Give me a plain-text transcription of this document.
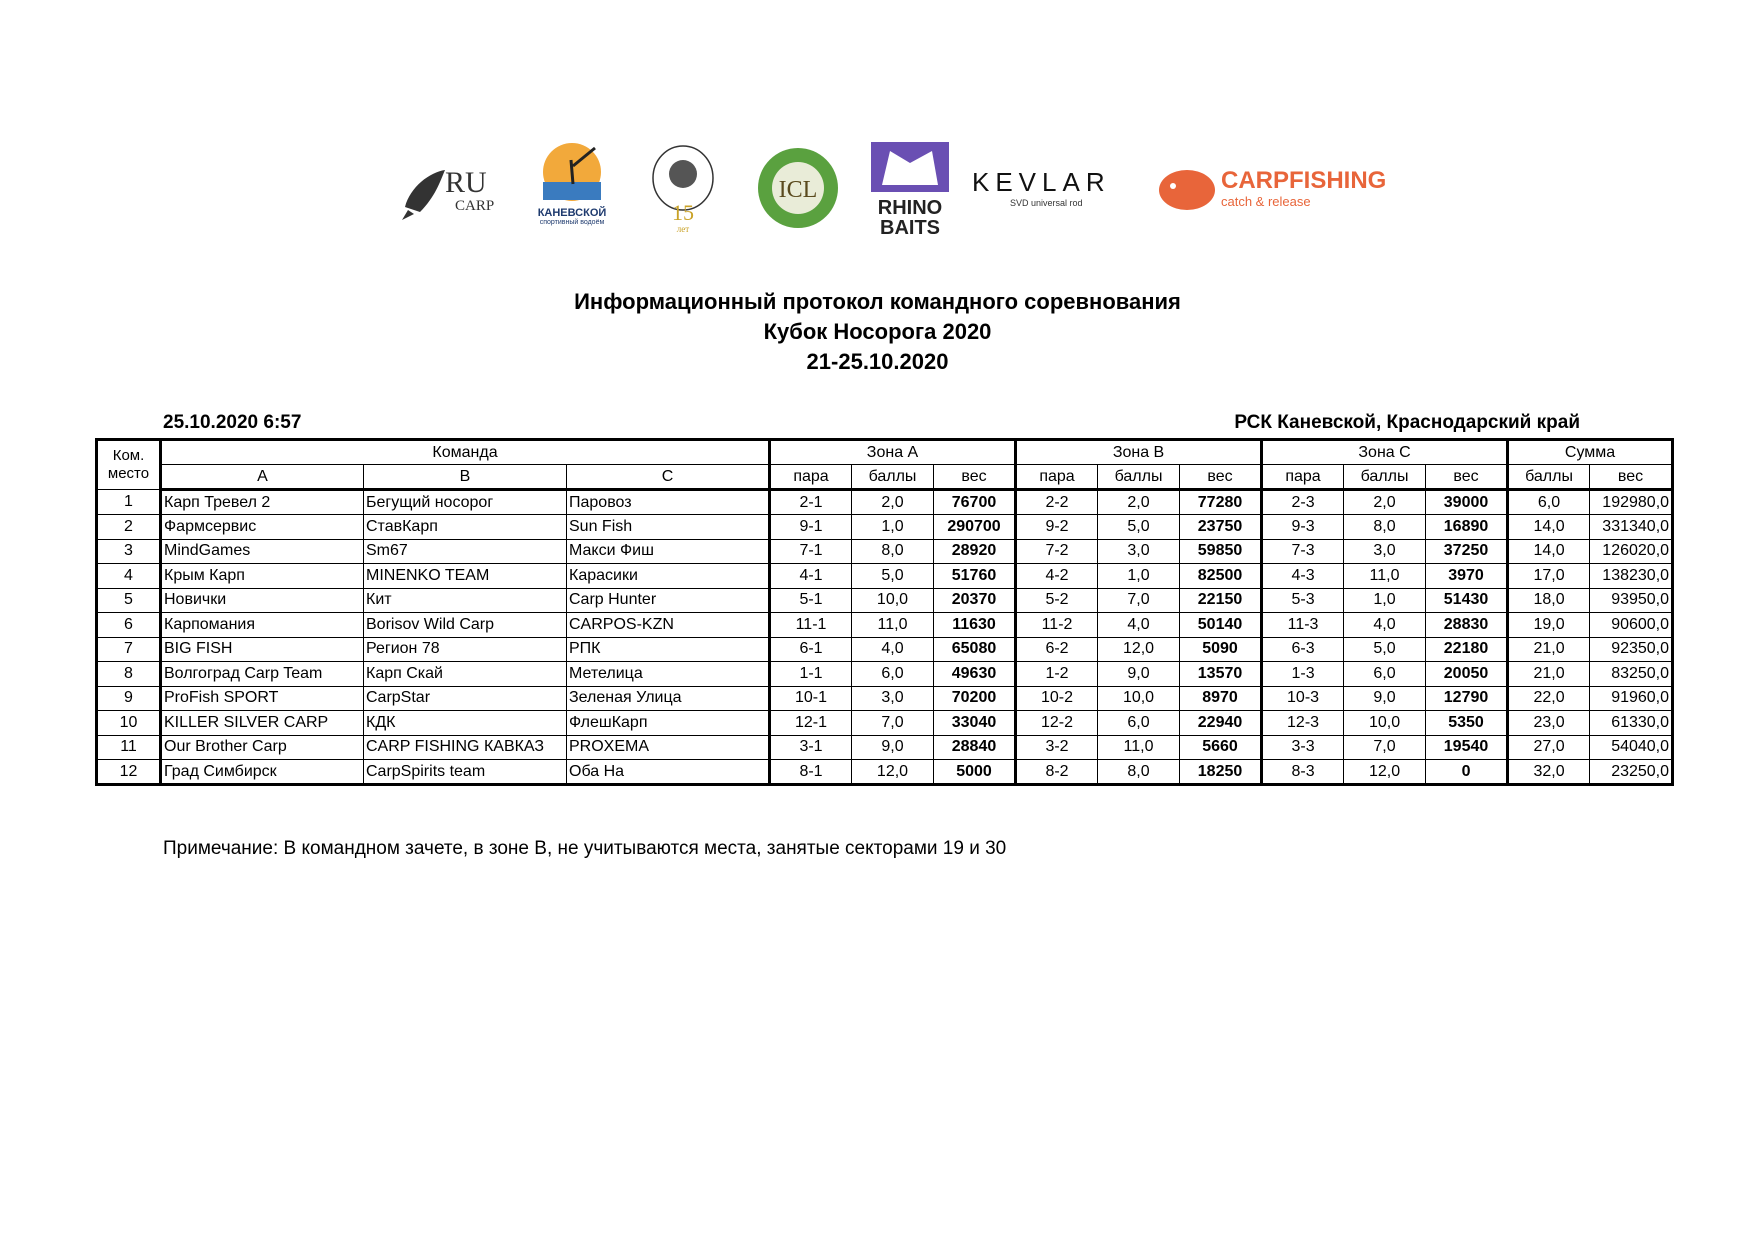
RU
CARP	КАНЕВСКОЙ
спортивный водоём	15
лет
ICL
RHINO
BAITS
KEVLAR
SVD universal rod
CARPFISHING
catch & release
Информационный протокол командного соревнования
Кубок Носорога 2020
21-25.10.2020
25.10.2020 6:57	РСК Каневской, Краснодарский край
Ком.
место	Команда			Зона А			Зона В			Зона С			Сумма	
	A	B	C	пара	баллы	вес	пара	баллы	вес	пара	баллы	вес	баллы	вес
1	Карп Тревел 2	Бегущий носорог	Паровоз	2-1	2,0	76700	2-2	2,0	77280	2-3	2,0	39000	6,0	192980,0
2	Фармсервис	СтавКарп	Sun Fish	9-1	1,0	290700	9-2	5,0	23750	9-3	8,0	16890	14,0	331340,0
3	MindGames	Sm67	Макси Фиш	7-1	8,0	28920	7-2	3,0	59850	7-3	3,0	37250	14,0	126020,0
4	Крым Карп	MINENKO TEAM	Карасики	4-1	5,0	51760	4-2	1,0	82500	4-3	11,0	3970	17,0	138230,0
5	Новички	Кит	Carp Hunter	5-1	10,0	20370	5-2	7,0	22150	5-3	1,0	51430	18,0	93950,0
6	Карпомания	Borisov Wild Carp	CARPOS-KZN	11-1	11,0	11630	11-2	4,0	50140	11-3	4,0	28830	19,0	90600,0
7	BIG FISH	Регион 78	РПК	6-1	4,0	65080	6-2	12,0	5090	6-3	5,0	22180	21,0	92350,0
8	Волгоград Carp Team	Карп Скай	Метелица	1-1	6,0	49630	1-2	9,0	13570	1-3	6,0	20050	21,0	83250,0
9	ProFish SPORT	CarpStar	Зеленая Улица	10-1	3,0	70200	10-2	10,0	8970	10-3	9,0	12790	22,0	91960,0
10	KILLER SILVER CARP	КДК	ФлешКарп	12-1	7,0	33040	12-2	6,0	22940	12-3	10,0	5350	23,0	61330,0
11	Our Brother Carp	CARP FISHING КАВКАЗ	PROXEMA	3-1	9,0	28840	3-2	11,0	5660	3-3	7,0	19540	27,0	54040,0
12	Град Симбирск	CarpSpirits team	Оба На	8-1	12,0	5000	8-2	8,0	18250	8-3	12,0	0	32,0	23250,0
Примечание: В командном зачете, в зоне В, не учитываются места, занятые секторами 19 и 30
